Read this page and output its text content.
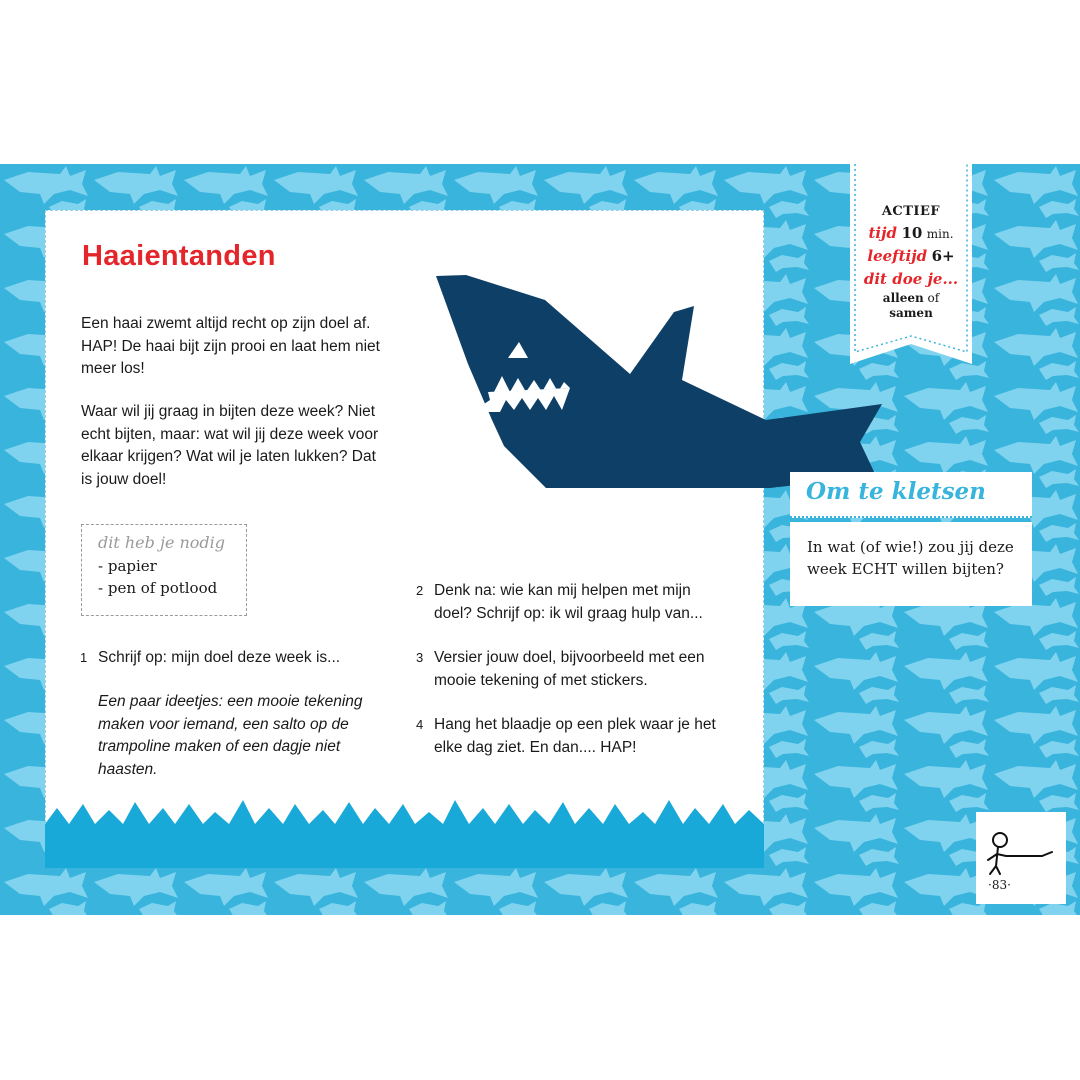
Haaientanden

Een haai zwemt altijd recht op zijn doel af. HAP! De haai bijt zijn prooi en laat hem niet meer los!

Waar wil jij graag in bijten deze week? Niet echt bijten, maar: wat wil jij deze week voor elkaar krijgen? Wat wil je laten lukken? Dat is jouw doel!

dit heb je nodig

- papier

- pen of potlood

1 Schrijf op: mijn doel deze week is...

Een paar ideetjes: een mooie tekening maken voor iemand, een salto op de trampoline maken of een dagje niet haasten.

2 Denk na: wie kan mij helpen met mijn doel? Schrijf op: ik wil graag hulp van...

3 Versier jouw doel, bijvoorbeeld met een mooie tekening of met stickers.

4 Hang het blaadje op een plek waar je het elke dag ziet. En dan.... HAP!

ACTIEF

tijd 10 min.

leeftijd 6+

dit doe je...

alleen of

samen

Om te kletsen

In wat (of wie!) zou jij deze week ECHT willen bijten?

·83·
